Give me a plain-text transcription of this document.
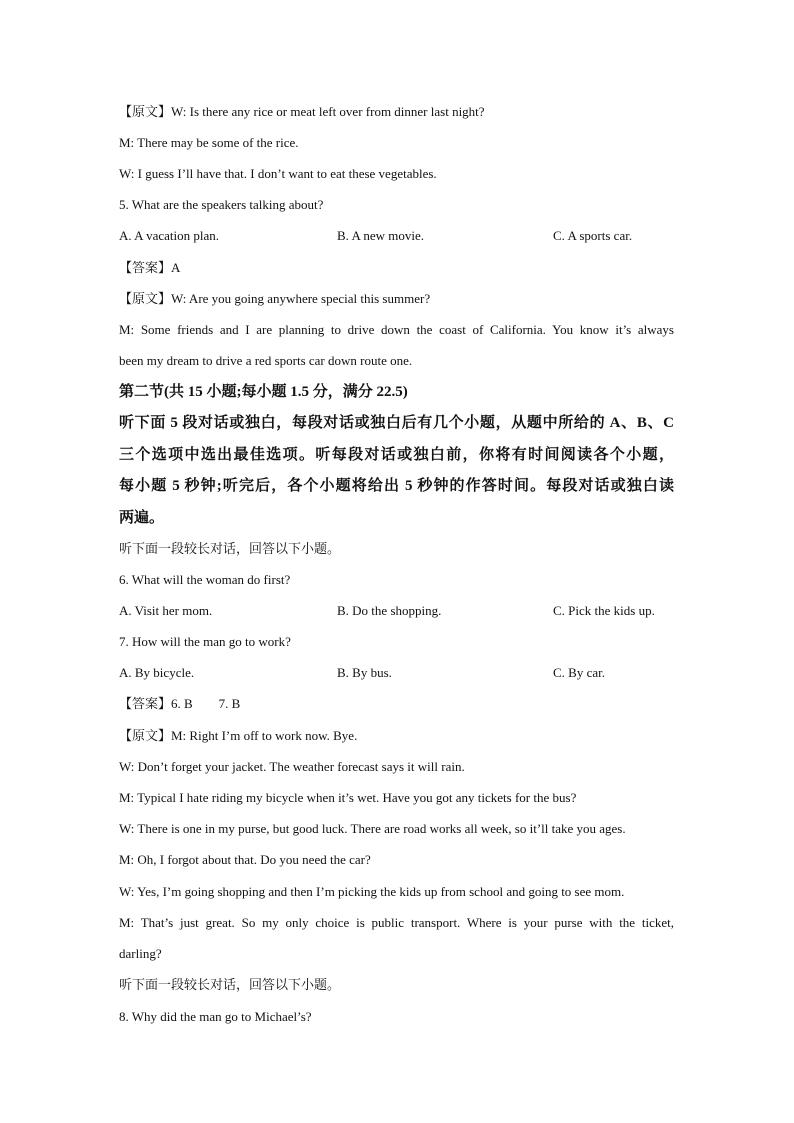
【原文】W: Is there any rice or meat left over from dinner last night?
M: There may be some of the rice.
W: I guess I’ll have that. I don’t want to eat these vegetables.
5. What are the speakers talking about?
A. A vacation plan.	B. A new movie.	C. A sports car.
【答案】A
【原文】W: Are you going anywhere special this summer?
M: Some friends and I are planning to drive down the coast of California. You know it’s always
been my dream to drive a red sports car down route one.
第二节(共 15 小题;每小题 1.5 分，满分 22.5)
听下面 5 段对话或独白，每段对话或独白后有几个小题，从题中所给的 A、B、C
三个选项中选出最佳选项。听每段对话或独白前，你将有时间阅读各个小题，
每小题 5 秒钟;听完后，各个小题将给出 5 秒钟的作答时间。每段对话或独白读
两遍。
听下面一段较长对话，回答以下小题。
6. What will the woman do first?
A. Visit her mom.	B. Do the shopping.	C. Pick the kids up.
7. How will the man go to work?
A. By bicycle.	B. By bus.	C. By car.
【答案】6. B        7. B
【原文】M: Right I’m off to work now. Bye.
W: Don’t forget your jacket. The weather forecast says it will rain.
M: Typical I hate riding my bicycle when it’s wet. Have you got any tickets for the bus?
W: There is one in my purse, but good luck. There are road works all week, so it’ll take you ages.
M: Oh, I forgot about that. Do you need the car?
W: Yes, I’m going shopping and then I’m picking the kids up from school and going to see mom.
M: That’s just great. So my only choice is public transport. Where is your purse with the ticket,
darling?
听下面一段较长对话，回答以下小题。
8. Why did the man go to Michael’s?
